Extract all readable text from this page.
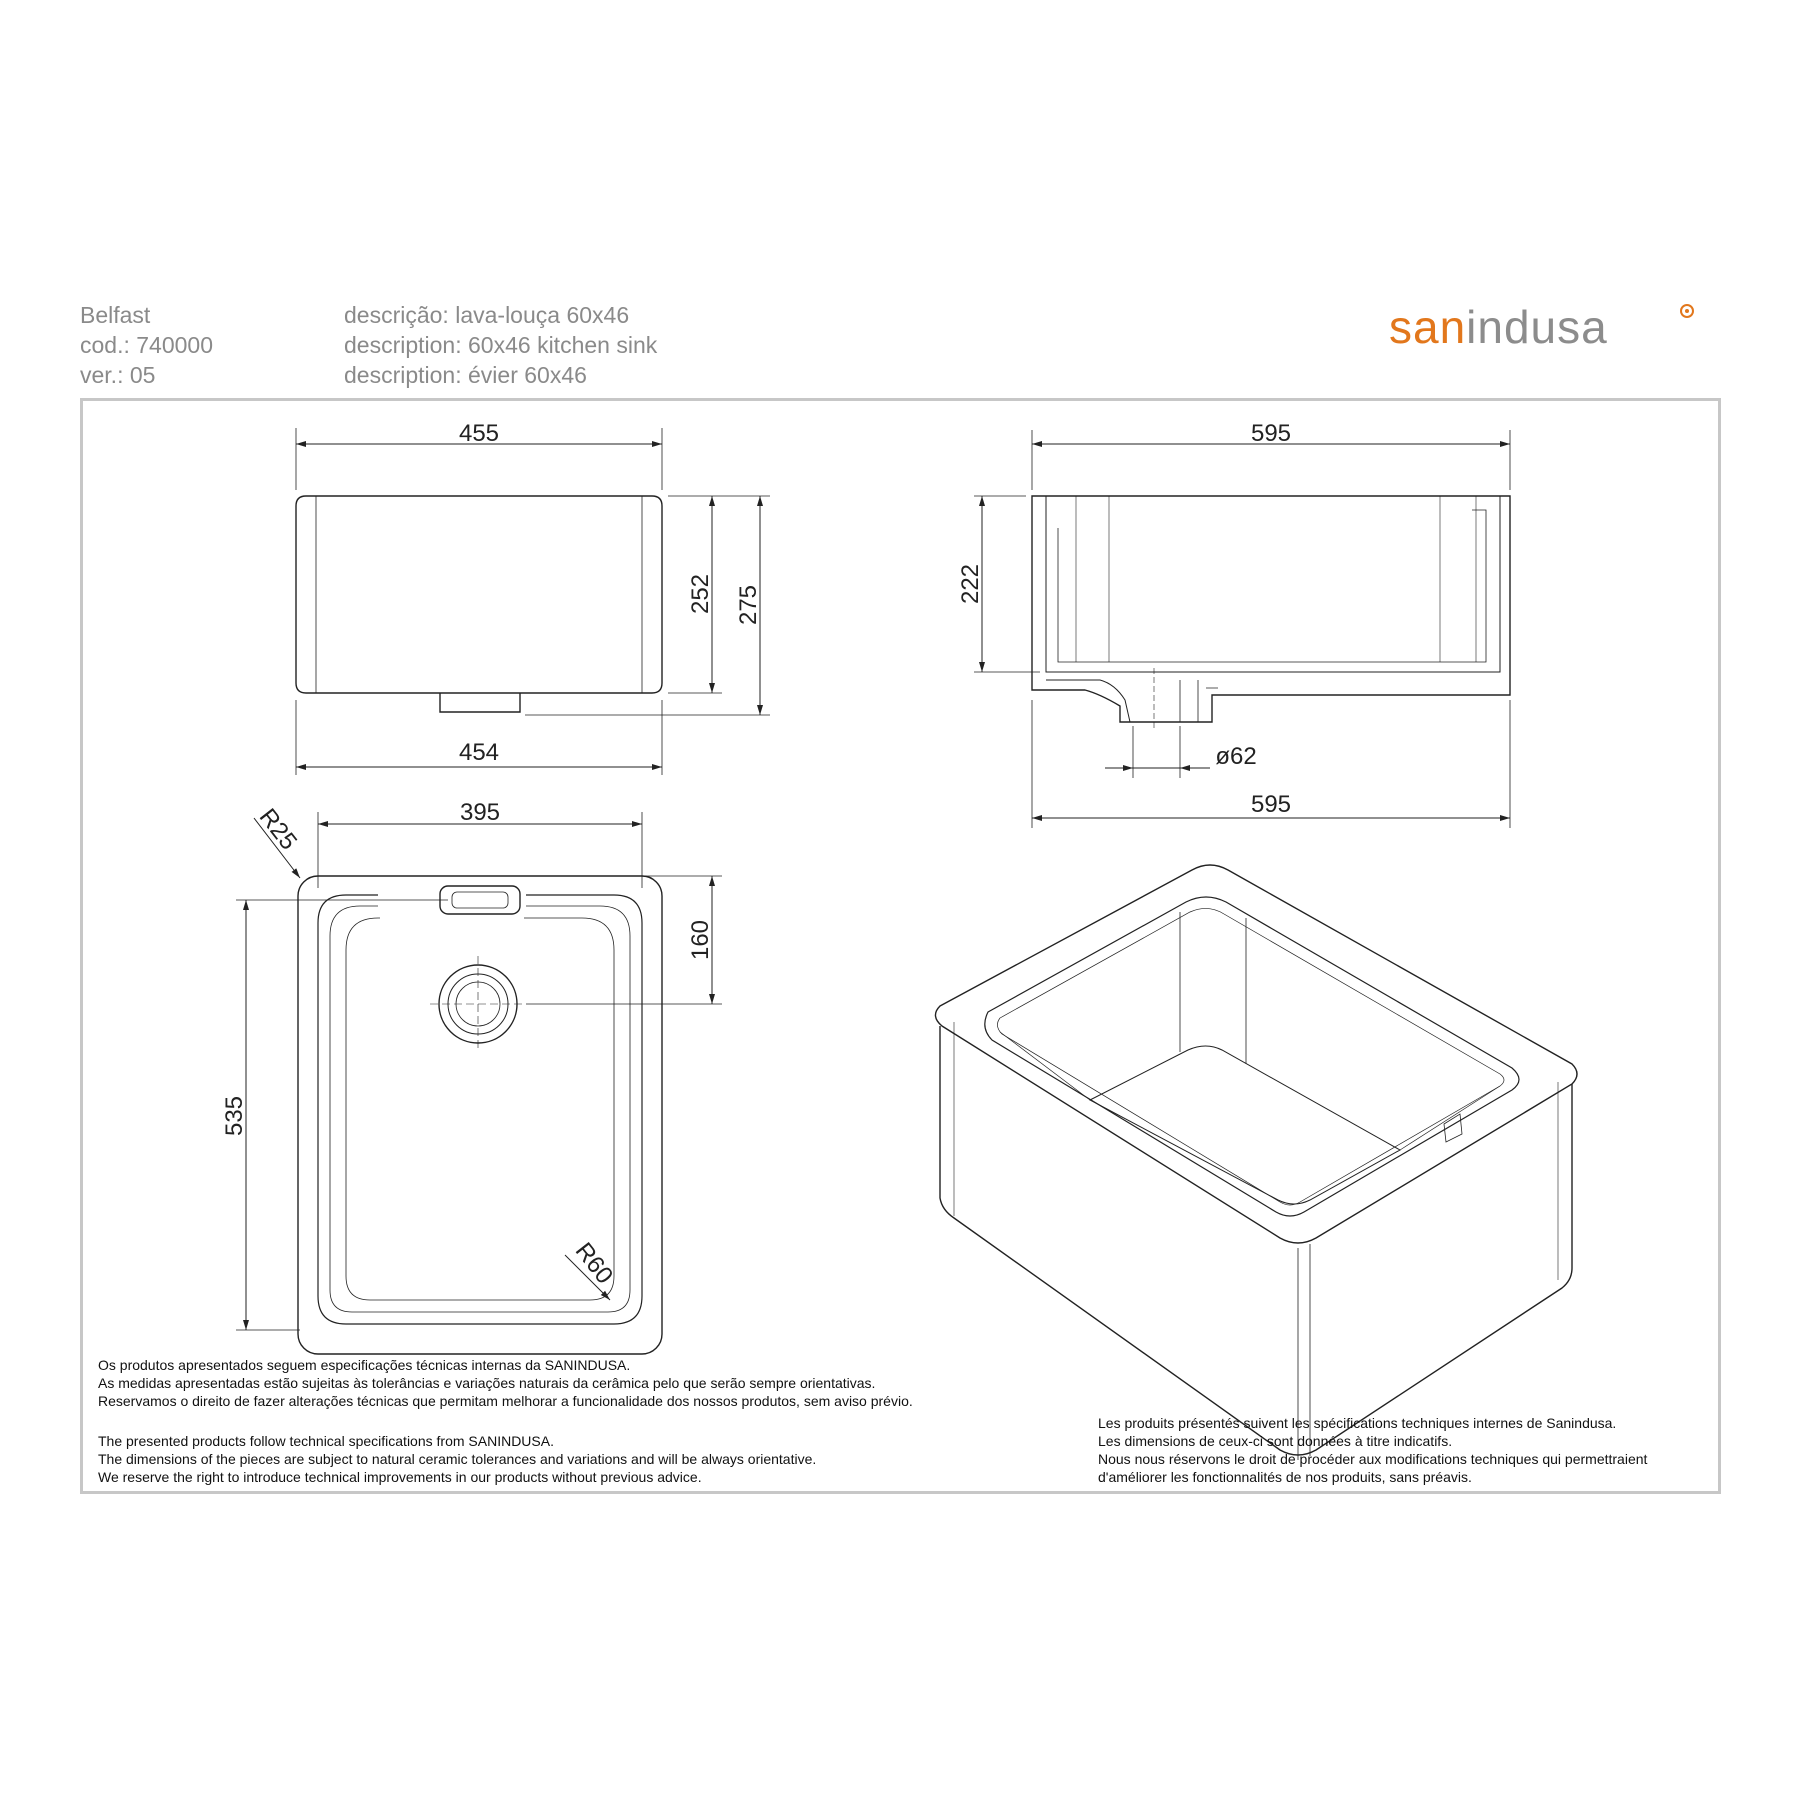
Belfast
cod.: 740000
ver.: 05
descrição: lava-louça 60x46
description: 60x46 kitchen sink
description: évier 60x46
sanindusa
455
454
252 275
595
595
222
ø62
395
160
535
R25
R60
Os produtos apresentados seguem especificações técnicas internas da SANINDUSA.
As medidas apresentadas estão sujeitas às tolerâncias e variações naturais da cerâmica pelo que serão sempre orientativas.
Reservamos o direito de fazer alterações técnicas que permitam melhorar a funcionalidade dos nossos produtos, sem aviso prévio.
The presented products follow technical specifications from SANINDUSA.
The dimensions of the pieces are subject to natural ceramic tolerances and variations and will be always orientative.
We reserve the right to introduce technical improvements in our products without previous advice.
Les produits présentés suivent les spécifications techniques internes de Sanindusa.
Les dimensions de ceux-ci sont données à titre indicatifs.
Nous nous réservons le droit de procéder aux modifications techniques qui permettraient
d'améliorer les fonctionnalités de nos produits, sans préavis.
